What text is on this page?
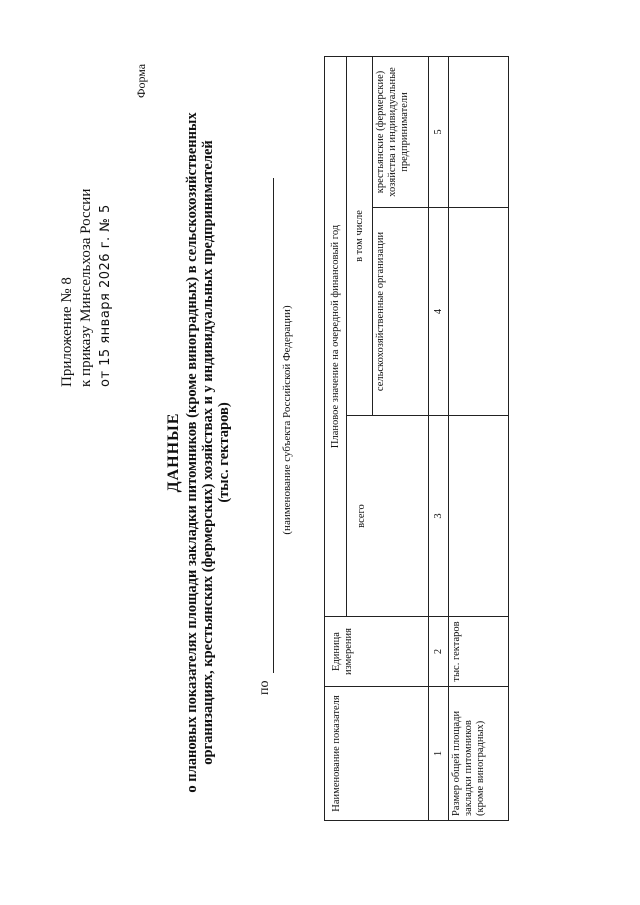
Приложение № 8 к приказу Минсельхоза России от 15 января 2026 г. № 5
Форма
ДАННЫЕ о плановых показателях площади закладки питомников (кроме виноградных) в сельскохозяйственных организациях, крестьянских (фермерских) хозяйствах и у индивидуальных предпринимателей (тыс. гектаров)
по
(наименование субъекта Российской Федерации)
Наименование показателя	Единица измерения	Плановое значение на очередной финансовый год		
		всего	в том числе	
			сельскохозяйственные организации	крестьянские (фермерские) хозяйства и индивидуальные предприниматели
1	2	3	4	5
Размер общей площади закладки питомников (кроме виноградных)	тыс. гектаров			
